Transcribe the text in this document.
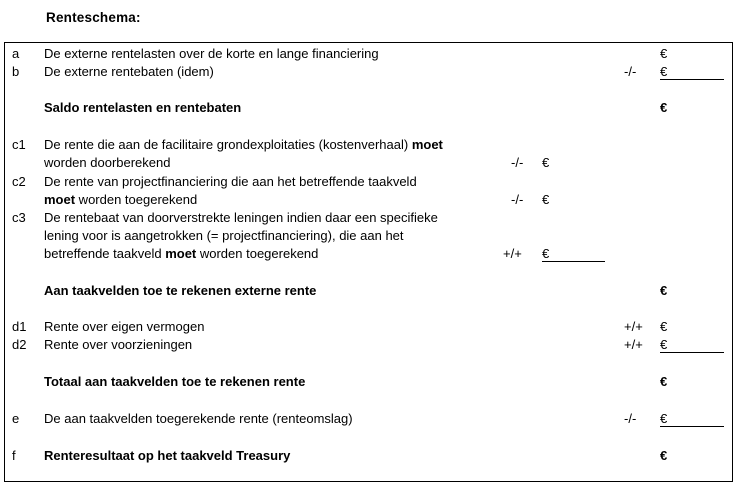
Renteschema:
a De externe rentelasten over de korte en lange financiering	€
b De externe rentebaten (idem)	-/- €
Saldo rentelasten en rentebaten	€
c1 De rente die aan de facilitaire grondexploitaties (kostenverhaal) moet
worden doorberekend	-/- €
c2 De rente van projectfinanciering die aan het betreffende taakveld
moet worden toegerekend	-/- €
c3 De rentebaat van doorverstrekte leningen indien daar een specifieke
lening voor is aangetrokken (= projectfinanciering), die aan het
betreffende taakveld moet worden toegerekend	+/+ €
Aan taakvelden toe te rekenen externe rente	€
d1 Rente over eigen vermogen	+/+ €
d2 Rente over voorzieningen	+/+ €
Totaal aan taakvelden toe te rekenen rente	€
e De aan taakvelden toegerekende rente (renteomslag)	-/- €
f Renteresultaat op het taakveld Treasury	€
